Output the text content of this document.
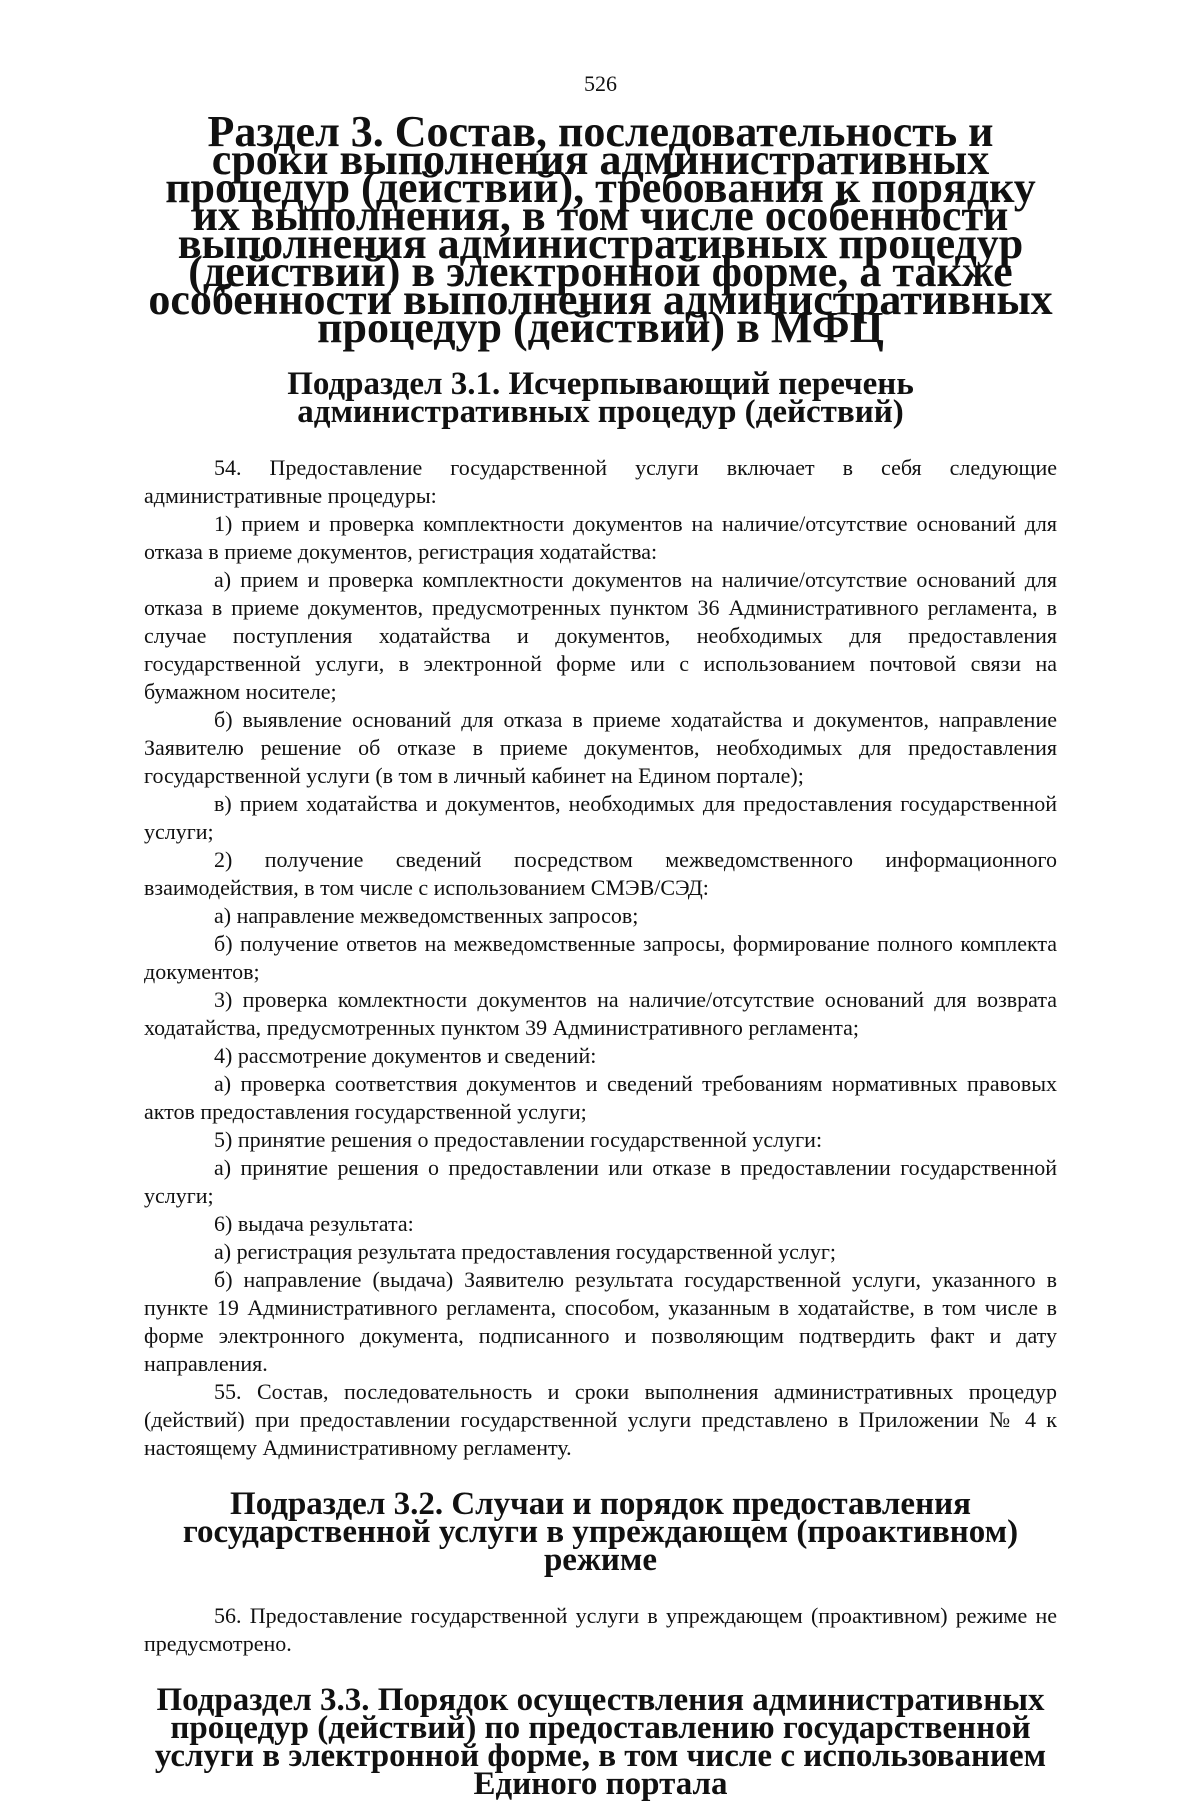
526
Раздел 3. Состав, последовательность и сроки выполнения административных процедур (действий), требования к порядку их выполнения, в том числе особенности выполнения административных процедур (действий) в электронной форме, а также особенности выполнения административных процедур (действий) в МФЦ
Подраздел 3.1. Исчерпывающий перечень административных процедур (действий)

54. Предоставление государственной услуги включает в себя следующие административные процедуры:

1) прием и проверка комплектности документов на наличие/отсутствие оснований для отказа в приеме документов, регистрация ходатайства:

а) прием и проверка комплектности документов на наличие/отсутствие оснований для отказа в приеме документов, предусмотренных пунктом 36 Административного регламента, в случае поступления ходатайства и документов, необходимых для предоставления государственной услуги, в электронной форме или с использованием почтовой связи на бумажном носителе;

б) выявление оснований для отказа в приеме ходатайства и документов, направление Заявителю решение об отказе в приеме документов, необходимых для предоставления государственной услуги (в том в личный кабинет на Едином портале);

в) прием ходатайства и документов, необходимых для предоставления государственной услуги;

2) получение сведений посредством межведомственного информационного взаимодействия, в том числе с использованием СМЭВ/СЭД:

а) направление межведомственных запросов;

б) получение ответов на межведомственные запросы, формирование полного комплекта документов;

3) проверка комлектности документов на наличие/отсутствие оснований для возврата ходатайства, предусмотренных пунктом 39 Административного регламента;

4) рассмотрение документов и сведений:

а) проверка соответствия документов и сведений требованиям нормативных правовых актов предоставления государственной услуги;

5) принятие решения о предоставлении государственной услуги:

а) принятие решения о предоставлении или отказе в предоставлении государственной услуги;

6) выдача результата:

а) регистрация результата предоставления государственной услуг;

б) направление (выдача) Заявителю результата государственной услуги, указанного в пункте 19 Административного регламента, способом, указанным в ходатайстве, в том числе в форме электронного документа, подписанного и позволяющим подтвердить факт и дату направления.

55. Состав, последовательность и сроки выполнения административных процедур (действий) при предоставлении государственной услуги представлено в Приложении № 4 к настоящему Административному регламенту.

Подраздел 3.2. Случаи и порядок предоставления государственной услуги в упреждающем (проактивном) режиме

56. Предоставление государственной услуги в упреждающем (проактивном) режиме не предусмотрено.

Подраздел 3.3. Порядок осуществления административных процедур (действий) по предоставлению государственной услуги в электронной форме, в том числе с использованием Единого портала
